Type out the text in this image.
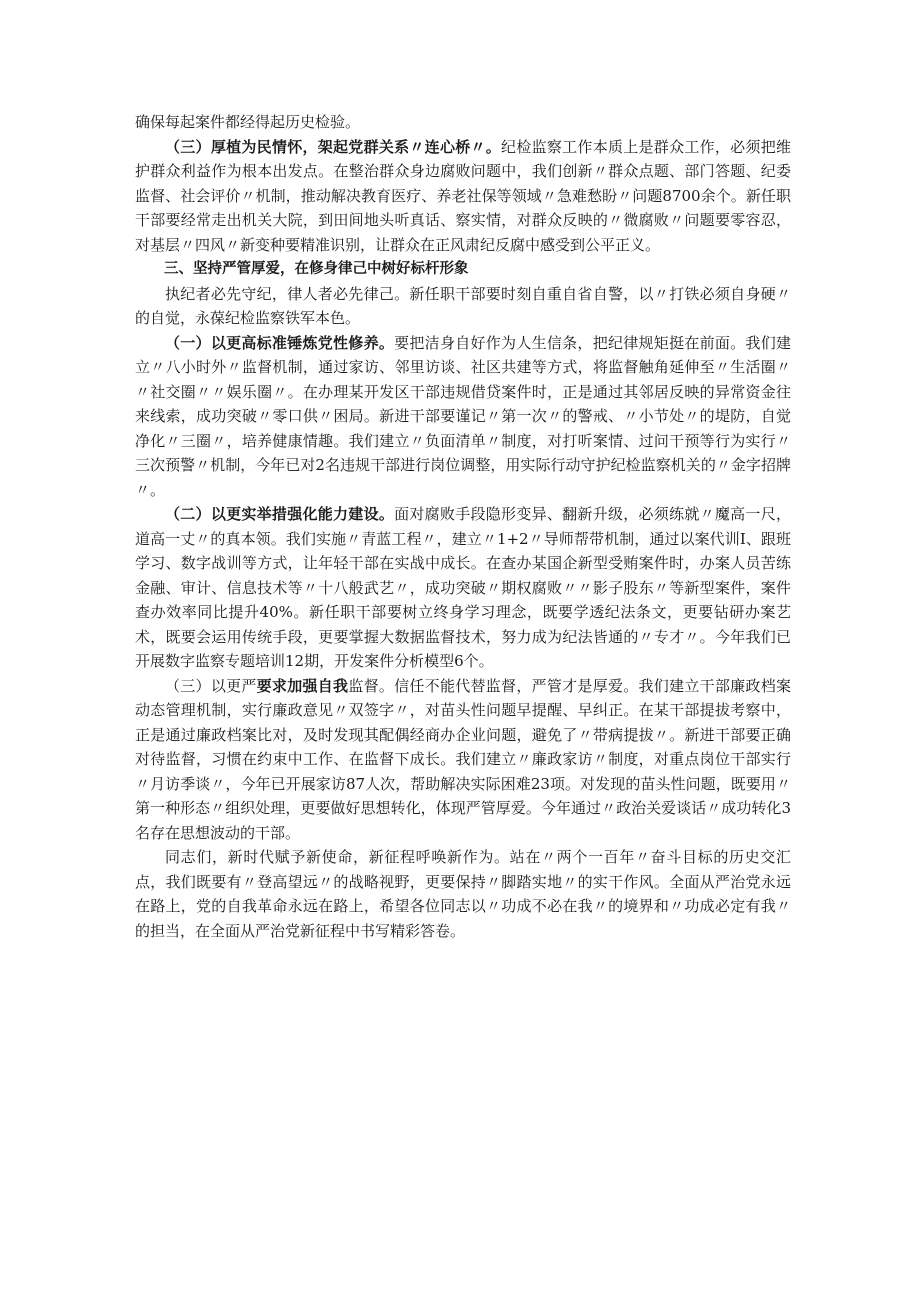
确保每起案件都经得起历史检验。

（三）厚植为民情怀，架起党群关系〃连心桥〃。纪检监察工作本质上是群众工作，必须把维护群众利益作为根本出发点。在整治群众身边腐败问题中，我们创新〃群众点题、部门答题、纪委监督、社会评价〃机制，推动解决教育医疗、养老社保等领域〃急难愁盼〃问题8700余个。新任职干部要经常走出机关大院，到田间地头听真话、察实情，对群众反映的〃微腐败〃问题要零容忍，对基层〃四风〃新变种要精准识别，让群众在正风肃纪反腐中感受到公平正义。

三、坚持严管厚爱，在修身律己中树好标杆形象

执纪者必先守纪，律人者必先律己。新任职干部要时刻自重自省自警，以〃打铁必须自身硬〃的自觉，永葆纪检监察铁军本色。

（一）以更高标准锤炼党性修养。要把洁身自好作为人生信条，把纪律规矩挺在前面。我们建立〃八小时外〃监督机制，通过家访、邻里访谈、社区共建等方式，将监督触角延伸至〃生活圈〃〃社交圈〃〃娱乐圈〃。在办理某开发区干部违规借贷案件时，正是通过其邻居反映的异常资金往来线索，成功突破〃零口供〃困局。新进干部要谨记〃第一次〃的警戒、〃小节处〃的堤防，自觉净化〃三圈〃，培养健康情趣。我们建立〃负面清单〃制度，对打听案情、过问干预等行为实行〃三次预警〃机制，今年已对2名违规干部进行岗位调整，用实际行动守护纪检监察机关的〃金字招牌〃。

（二）以更实举措强化能力建设。面对腐败手段隐形变异、翻新升级，必须练就〃魔高一尺，道高一丈〃的真本领。我们实施〃青蓝工程〃，建立〃1+2〃导师帮带机制，通过以案代训I、跟班学习、数字战训等方式，让年轻干部在实战中成长。在查办某国企新型受贿案件时，办案人员苦练金融、审计、信息技术等〃十八般武艺〃，成功突破〃期权腐败〃〃影子股东〃等新型案件，案件查办效率同比提升40%。新任职干部要树立终身学习理念，既要学透纪法条文，更要钻研办案艺术，既要会运用传统手段，更要掌握大数据监督技术，努力成为纪法皆通的〃专才〃。今年我们已开展数字监察专题培训12期，开发案件分析模型6个。

（三）以更严要求加强自我监督。信任不能代替监督，严管才是厚爱。我们建立干部廉政档案动态管理机制，实行廉政意见〃双签字〃，对苗头性问题早提醒、早纠正。在某干部提拔考察中，正是通过廉政档案比对，及时发现其配偶经商办企业问题，避免了〃带病提拔〃。新进干部要正确对待监督，习惯在约束中工作、在监督下成长。我们建立〃廉政家访〃制度，对重点岗位干部实行〃月访季谈〃，今年已开展家访87人次，帮助解决实际困难23项。对发现的苗头性问题，既要用〃第一种形态〃组织处理，更要做好思想转化，体现严管厚爱。今年通过〃政治关爱谈话〃成功转化3名存在思想波动的干部。

同志们，新时代赋予新使命，新征程呼唤新作为。站在〃两个一百年〃奋斗目标的历史交汇点，我们既要有〃登高望远〃的战略视野，更要保持〃脚踏实地〃的实干作风。全面从严治党永远在路上，党的自我革命永远在路上，希望各位同志以〃功成不必在我〃的境界和〃功成必定有我〃的担当，在全面从严治党新征程中书写精彩答卷。
